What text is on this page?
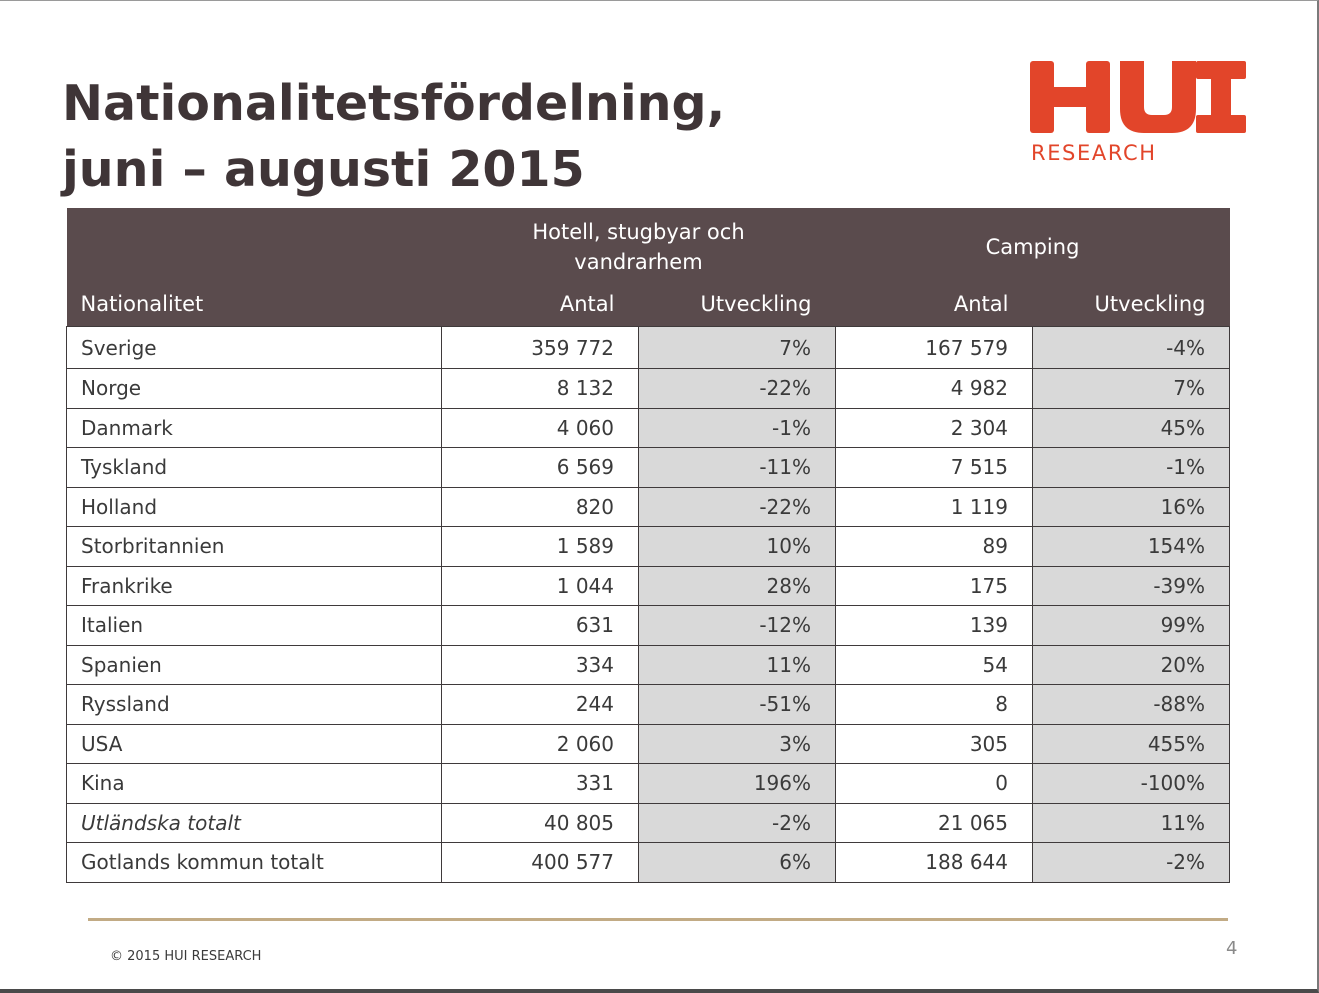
Nationalitetsfördelning,
juni – augusti 2015	RESEARCH
	Hotell, stugbyar och vandrarhem		Camping	
Nationalitet	Antal	Utveckling	Antal	Utveckling
Sverige	359 772	7%	167 579	-4%
Norge	8 132	-22%	4 982	7%
Danmark	4 060	-1%	2 304	45%
Tyskland	6 569	-11%	7 515	-1%
Holland	820	-22%	1 119	16%
Storbritannien	1 589	10%	89	154%
Frankrike	1 044	28%	175	-39%
Italien	631	-12%	139	99%
Spanien	334	11%	54	20%
Ryssland	244	-51%	8	-88%
USA	2 060	3%	305	455%
Kina	331	196%	0	-100%
Utländska totalt	40 805	-2%	21 065	11%
Gotlands kommun totalt	400 577	6%	188 644	-2%
© 2015 HUI RESEARCH	4
